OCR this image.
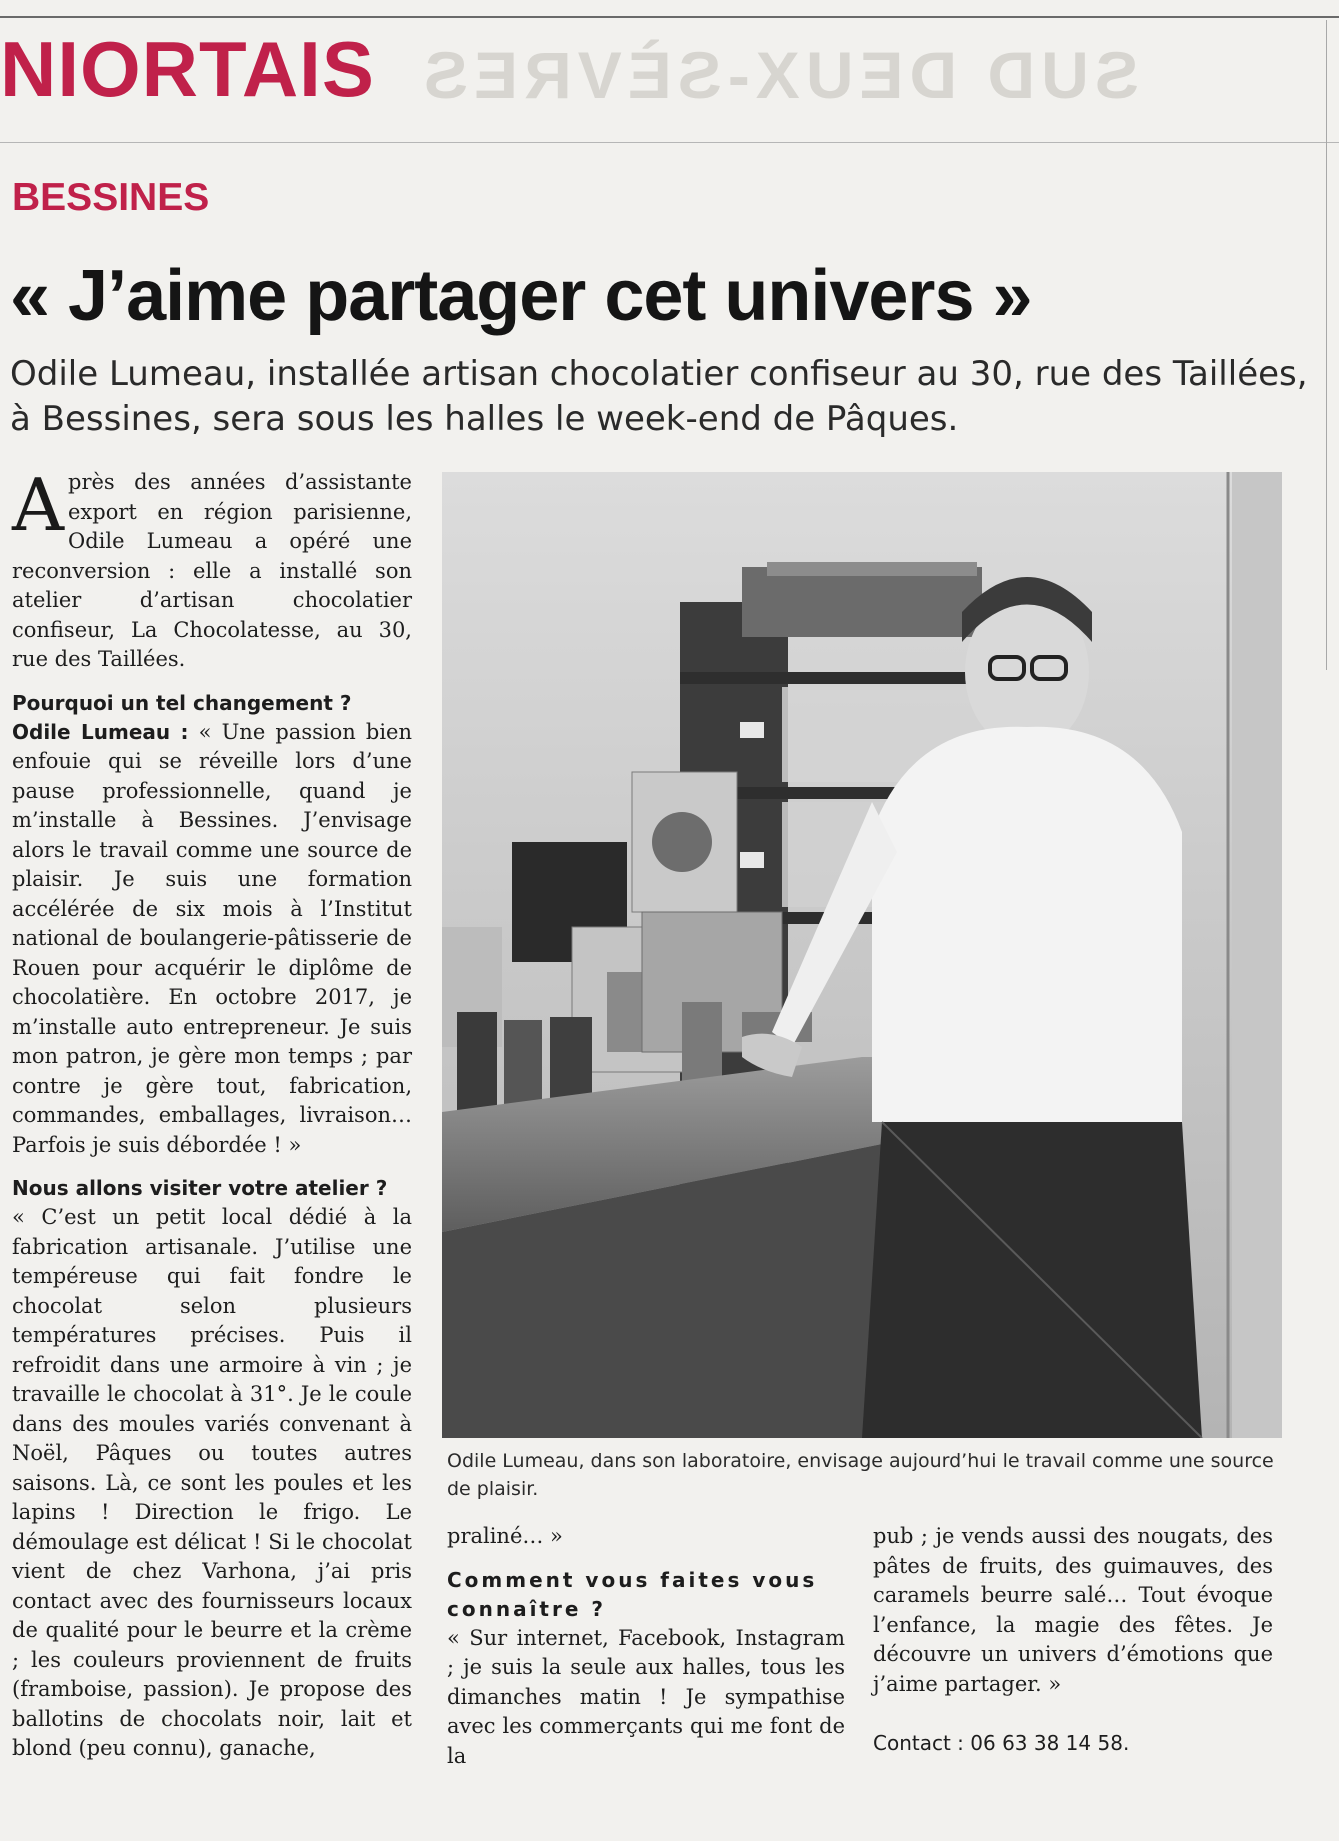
NIORTAIS SUD DEUX-SÈVRES
BESSINES
« J’aime partager cet univers »
Odile Lumeau, installée artisan chocolatier confiseur au 30, rue des Taillées, à Bessines, sera sous les halles le week-end de Pâques.

Après des années d’assistante export en région parisienne, Odile Lumeau a opéré une reconversion : elle a installé son atelier d’artisan chocolatier confiseur, La Chocolatesse, au 30, rue des Taillées.

Pourquoi un tel changement ?

Odile Lumeau : « Une passion bien enfouie qui se réveille lors d’une pause professionnelle, quand je m’installe à Bessines. J’envisage alors le travail comme une source de plaisir. Je suis une formation accélérée de six mois à l’Institut national de boulangerie-pâtisserie de Rouen pour acquérir le diplôme de chocolatière. En octobre 2017, je m’installe auto entrepreneur. Je suis mon patron, je gère mon temps ; par contre je gère tout, fabrication, commandes, emballages, livraison… Parfois je suis débordée ! »

Nous allons visiter votre atelier ?

« C’est un petit local dédié à la fabrication artisanale. J’utilise une tempéreuse qui fait fondre le chocolat selon plusieurs températures précises. Puis il refroidit dans une armoire à vin ; je travaille le chocolat à 31°. Je le coule dans des moules variés convenant à Noël, Pâques ou toutes autres saisons. Là, ce sont les poules et les lapins ! Direction le frigo. Le démoulage est délicat ! Si le chocolat vient de chez Varhona, j’ai pris contact avec des fournisseurs locaux de qualité pour le beurre et la crème ; les couleurs proviennent de fruits (framboise, passion). Je propose des ballotins de chocolats noir, lait et blond (peu connu), ganache,

Odile Lumeau, dans son laboratoire, envisage aujourd’hui le travail comme une source de plaisir.

praliné… »

Comment vous faites vous connaître ?

« Sur internet, Facebook, Instagram ; je suis la seule aux halles, tous les dimanches matin ! Je sympathise avec les commerçants qui me font de la

pub ; je vends aussi des nougats, des pâtes de fruits, des guimauves, des caramels beurre salé… Tout évoque l’enfance, la magie des fêtes. Je découvre un univers d’émotions que j’aime partager. »

Contact : 06 63 38 14 58.
